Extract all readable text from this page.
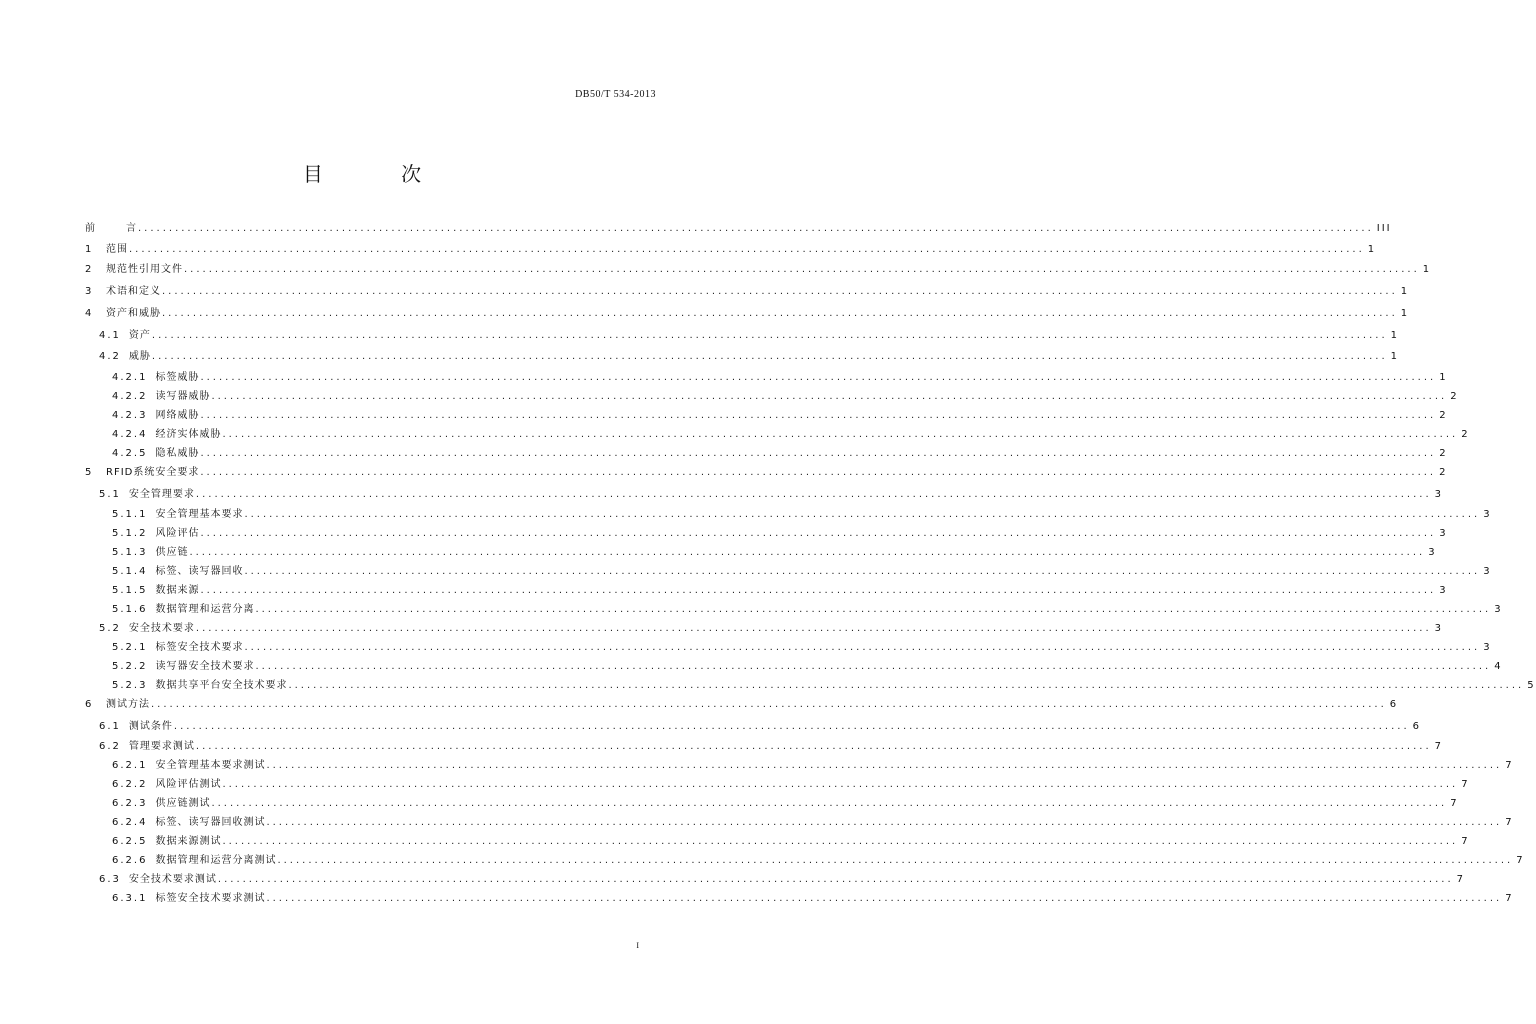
DB50/T 534-2013
目 次
前	言 ........................................................................................................................................................................................................ III
1	范围 ........................................................................................................................................................................................................ 1
2	规范性引用文件 ........................................................................................................................................................................................................ 1
3	术语和定义 ........................................................................................................................................................................................................ 1
4	资产和威胁 ........................................................................................................................................................................................................ 1
4.1 资产 ........................................................................................................................................................................................................ 1
4.2 威胁 ........................................................................................................................................................................................................ 1
4.2.1 标签威胁 ........................................................................................................................................................................................................ 1
4.2.2 读写器威胁 ........................................................................................................................................................................................................ 2
4.2.3 网络威胁 ........................................................................................................................................................................................................ 2
4.2.4 经济实体威胁 ........................................................................................................................................................................................................ 2
4.2.5 隐私威胁 ........................................................................................................................................................................................................ 2
5	RFID系统安全要求 ........................................................................................................................................................................................................ 2
5.1 安全管理要求 ........................................................................................................................................................................................................ 3
5.1.1 安全管理基本要求 ........................................................................................................................................................................................................ 3
5.1.2 风险评估 ........................................................................................................................................................................................................ 3
5.1.3 供应链 ........................................................................................................................................................................................................ 3
5.1.4 标签、读写器回收 ........................................................................................................................................................................................................ 3
5.1.5 数据来源 ........................................................................................................................................................................................................ 3
5.1.6 数据管理和运营分离 ........................................................................................................................................................................................................ 3
5.2 安全技术要求 ........................................................................................................................................................................................................ 3
5.2.1 标签安全技术要求 ........................................................................................................................................................................................................ 3
5.2.2 读写器安全技术要求 ........................................................................................................................................................................................................ 4
5.2.3 数据共享平台安全技术要求 ........................................................................................................................................................................................................ 5
6	测试方法 ........................................................................................................................................................................................................ 6
6.1 测试条件 ........................................................................................................................................................................................................ 6
6.2 管理要求测试 ........................................................................................................................................................................................................ 7
6.2.1 安全管理基本要求测试 ........................................................................................................................................................................................................ 7
6.2.2 风险评估测试 ........................................................................................................................................................................................................ 7
6.2.3 供应链测试 ........................................................................................................................................................................................................ 7
6.2.4 标签、读写器回收测试 ........................................................................................................................................................................................................ 7
6.2.5 数据来源测试 ........................................................................................................................................................................................................ 7
6.2.6 数据管理和运营分离测试 ........................................................................................................................................................................................................ 7
6.3 安全技术要求测试 ........................................................................................................................................................................................................ 7
6.3.1 标签安全技术要求测试 ........................................................................................................................................................................................................ 7
I
